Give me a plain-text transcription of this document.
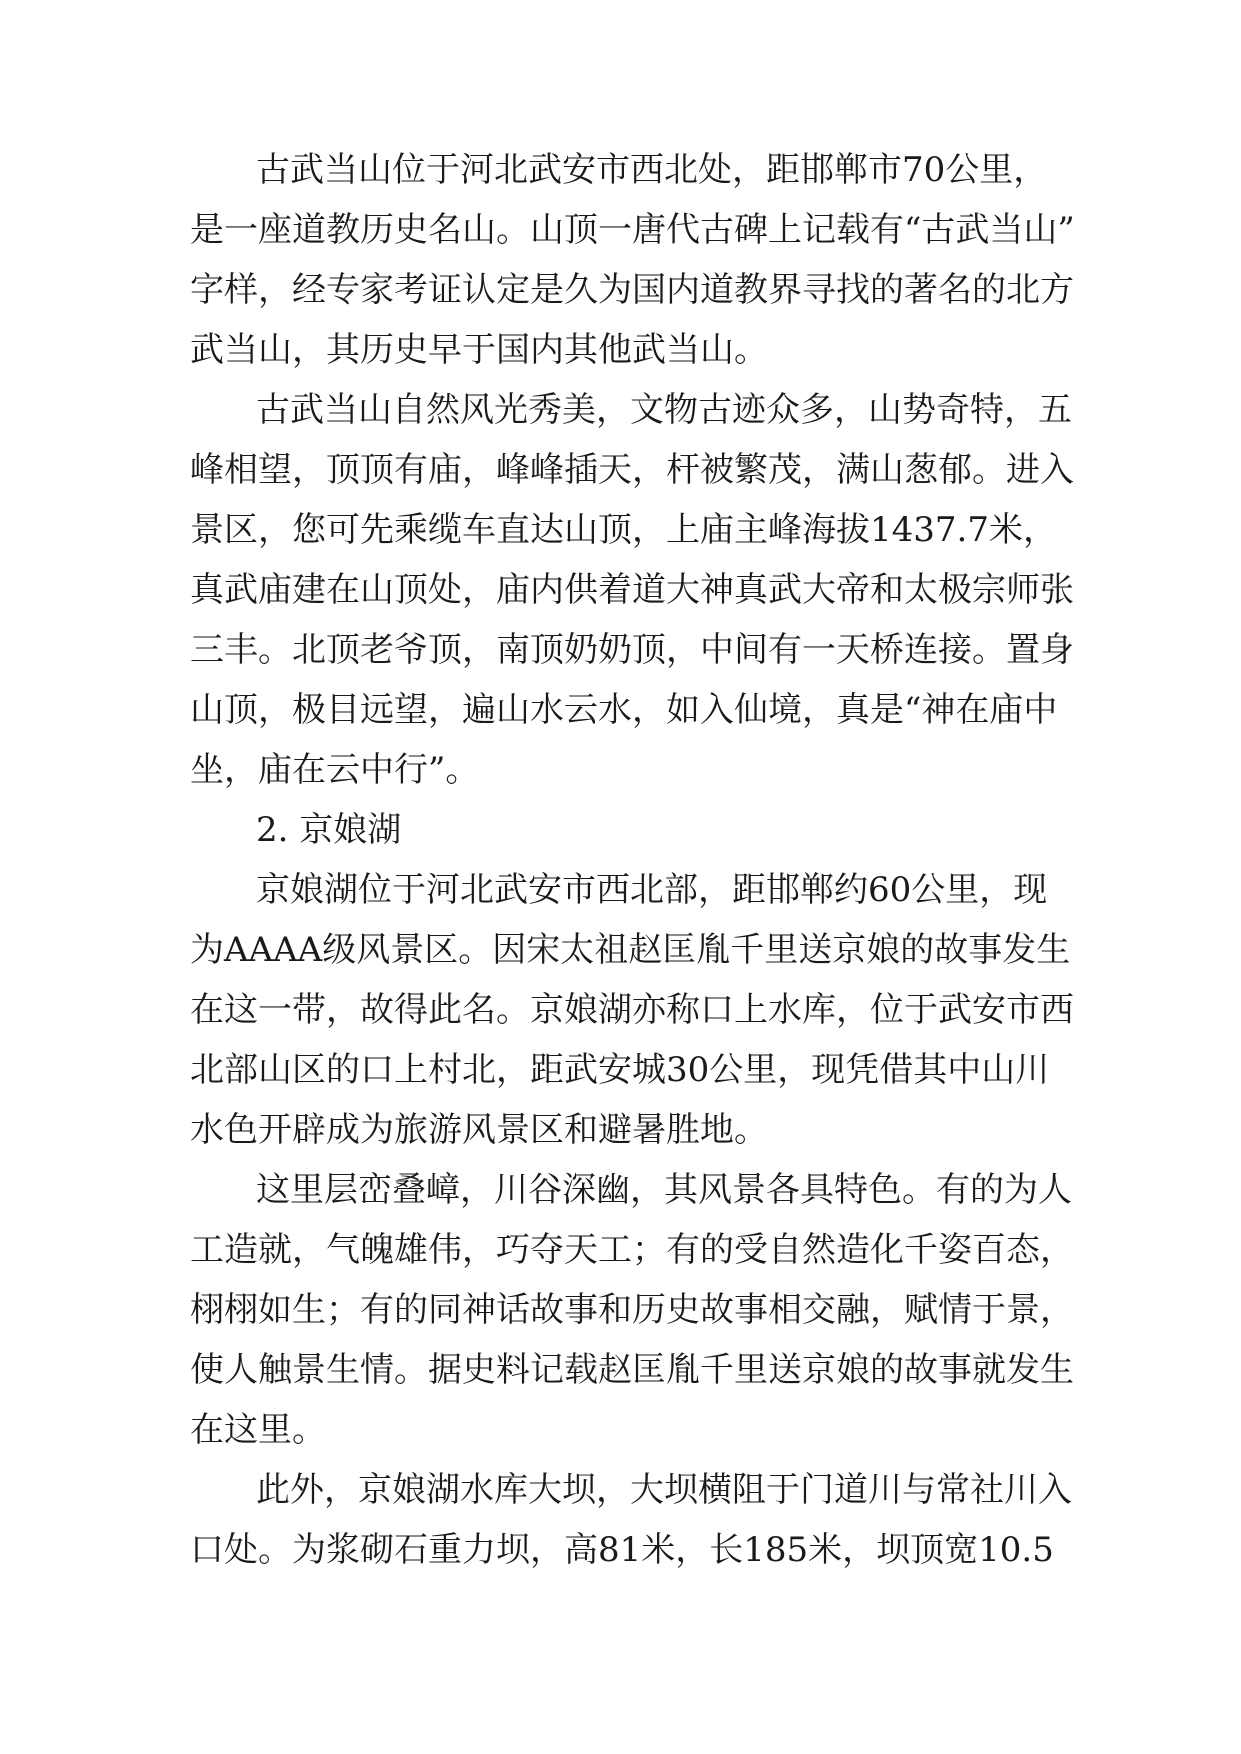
古武当山位于河北武安市西北处，距邯郸市70公里，
是一座道教历史名山。山顶一唐代古碑上记载有“古武当山”
字样，经专家考证认定是久为国内道教界寻找的著名的北方
武当山，其历史早于国内其他武当山。
古武当山自然风光秀美，文物古迹众多，山势奇特，五
峰相望，顶顶有庙，峰峰插天，杆被繁茂，满山葱郁。进入
景区，您可先乘缆车直达山顶，上庙主峰海拔1437.7米，
真武庙建在山顶处，庙内供着道大神真武大帝和太极宗师张
三丰。北顶老爷顶，南顶奶奶顶，中间有一天桥连接。置身
山顶，极目远望，遍山水云水，如入仙境，真是“神在庙中
坐，庙在云中行”。
2. 京娘湖
京娘湖位于河北武安市西北部，距邯郸约60公里，现
为AAAA级风景区。因宋太祖赵匡胤千里送京娘的故事发生
在这一带，故得此名。京娘湖亦称口上水库，位于武安市西
北部山区的口上村北，距武安城30公里，现凭借其中山川
水色开辟成为旅游风景区和避暑胜地。
这里层峦叠嶂，川谷深幽，其风景各具特色。有的为人
工造就，气魄雄伟，巧夺天工；有的受自然造化千姿百态，
栩栩如生；有的同神话故事和历史故事相交融，赋情于景，
使人触景生情。据史料记载赵匡胤千里送京娘的故事就发生
在这里。
此外，京娘湖水库大坝，大坝横阻于门道川与常社川入
口处。为浆砌石重力坝，高81米，长185米，坝顶宽10.5
